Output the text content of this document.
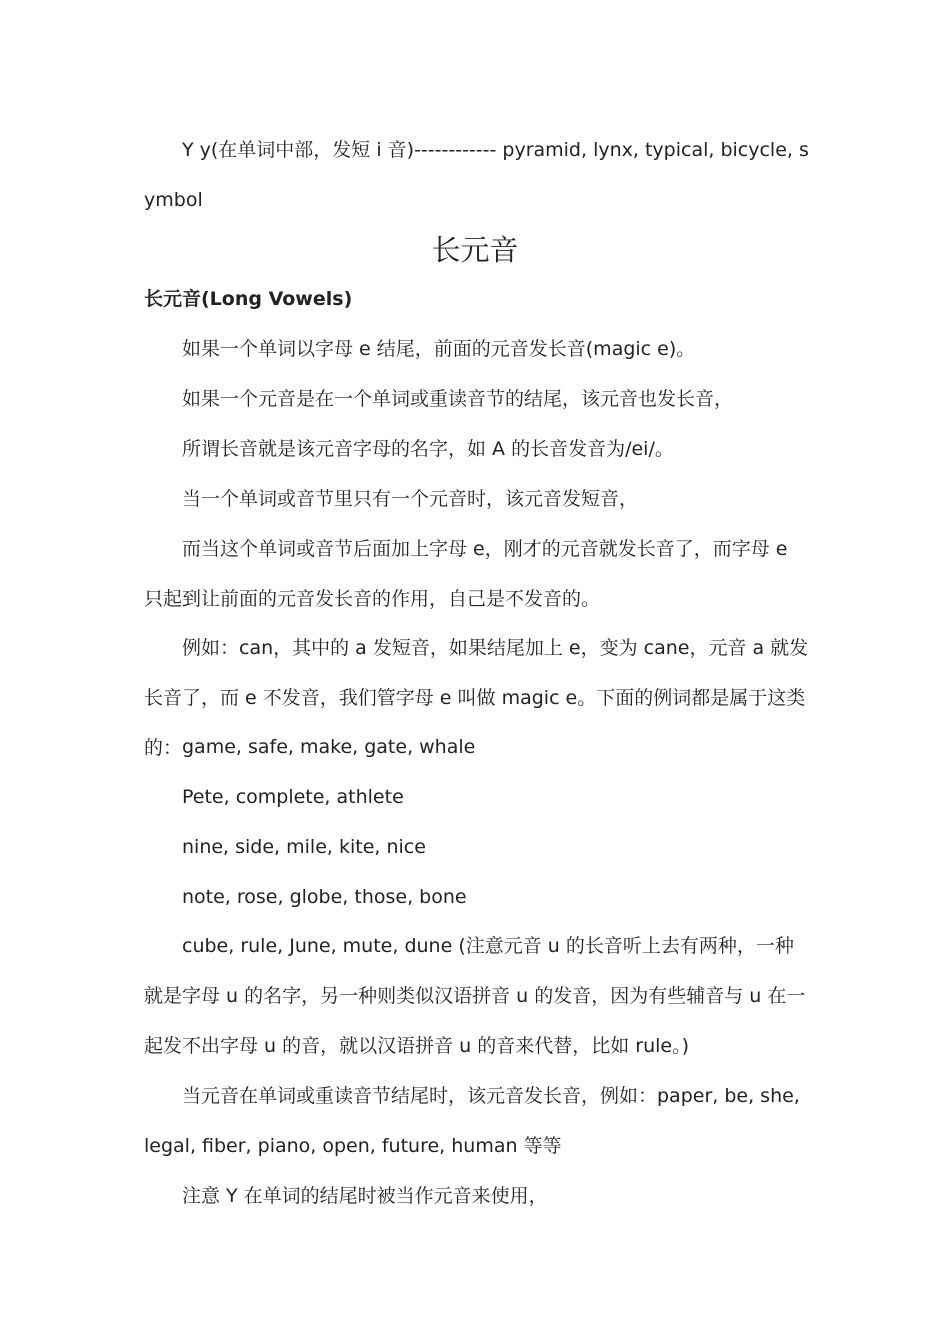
Y y(在单词中部，发短 i 音)------------ pyramid, lynx, typical, bicycle, symbol

长元音
长元音(Long Vowels)

如果一个单词以字母 e 结尾，前面的元音发长音(magic e)。

如果一个元音是在一个单词或重读音节的结尾，该元音也发长音，

所谓长音就是该元音字母的名字，如 A 的长音发音为/ei/。

当一个单词或音节里只有一个元音时，该元音发短音，

而当这个单词或音节后面加上字母 e，刚才的元音就发长音了，而字母 e 只起到让前面的元音发长音的作用，自己是不发音的。

例如：can，其中的 a 发短音，如果结尾加上 e，变为 cane，元音 a 就发长音了，而 e 不发音，我们管字母 e 叫做 magic e。下面的例词都是属于这类的： game, safe, make, gate, whale

Pete, complete, athlete

nine, side, mile, kite, nice

note, rose, globe, those, bone

cube, rule, June, mute, dune (注意元音 u 的长音听上去有两种，一种就是字母 u 的名字，另一种则类似汉语拼音 u 的发音，因为有些辅音与 u 在一起发不出字母 u 的音，就以汉语拼音 u 的音来代替，比如 rule。)

当元音在单词或重读音节结尾时，该元音发长音，例如：paper, be, she, legal, fiber, piano, open, future, human 等等

注意 Y 在单词的结尾时被当作元音来使用，
